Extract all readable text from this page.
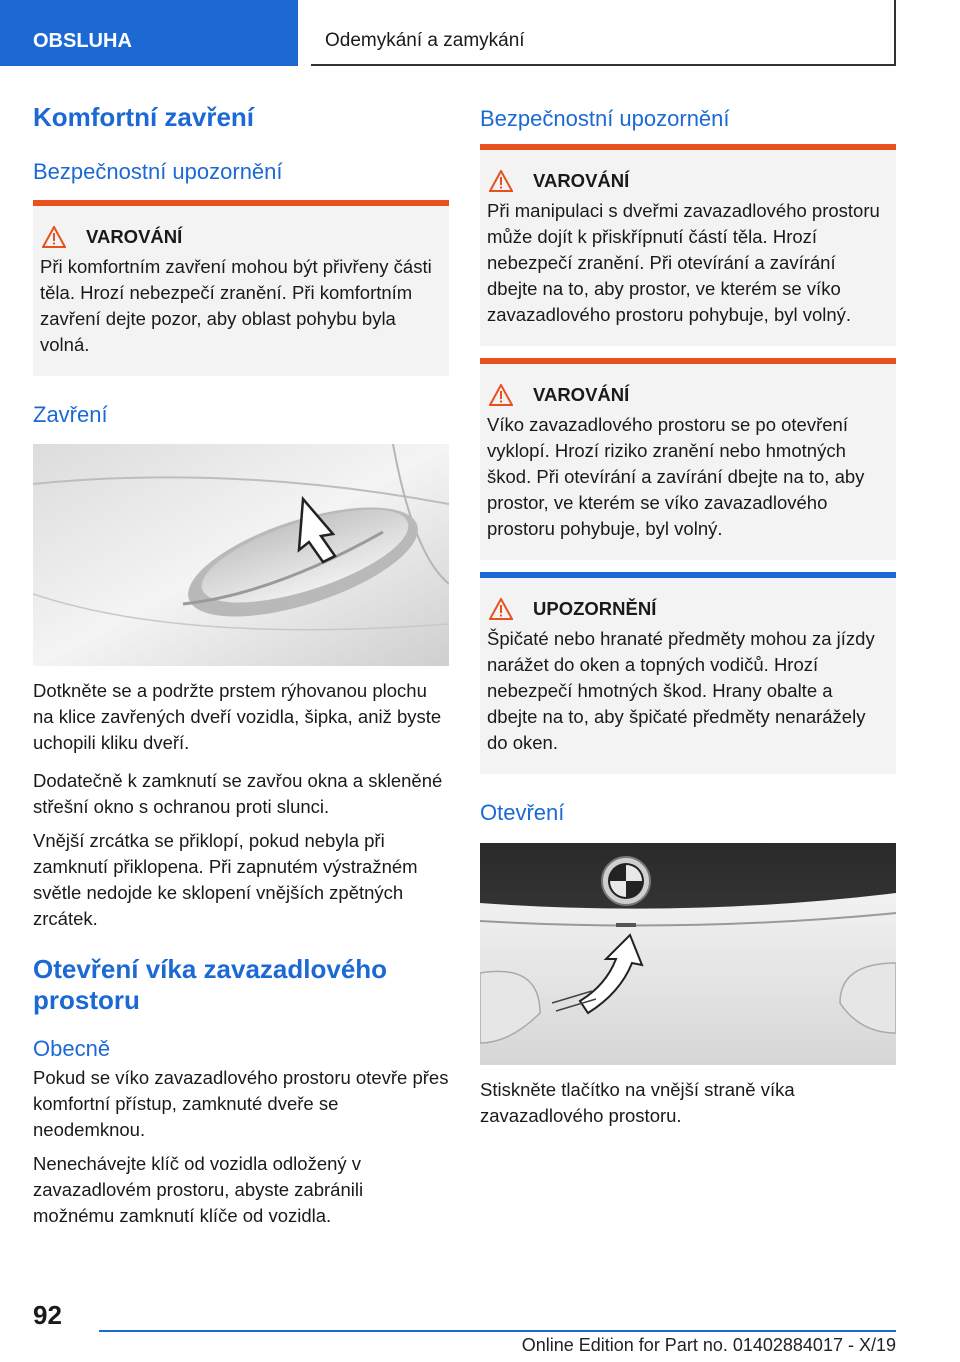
OBSLUHA	Odemykání a zamykání
Komfortní zavření
Bezpečnostní upozornění
VAROVÁNÍ

Při komfortním zavření mohou být přivřeny části těla. Hrozí nebezpečí zranění. Při komfortním zavření dejte pozor, aby oblast pohybu byla volná.

Zavření

Dotkněte se a podržte prstem rýhovanou plochu na klice zavřených dveří vozidla, šipka, aniž byste uchopili kliku dveří.

Dodatečně k zamknutí se zavřou okna a skleněné střešní okno s ochranou proti slunci.

Vnější zrcátka se přiklopí, pokud nebyla při zamknutí přiklopena. Při zapnutém výstražném světle nedojde ke sklopení vnějších zpětných zrcátek.

Otevření víka zavazadlového prostoru
Obecně

Pokud se víko zavazadlového prostoru otevře přes komfortní přístup, zamknuté dveře se neodemknou.

Nenechávejte klíč od vozidla odložený v zavazadlovém prostoru, abyste zabránili možnému zamknutí klíče od vozidla.

Bezpečnostní upozornění
VAROVÁNÍ

Při manipulaci s dveřmi zavazadlového prostoru může dojít k přiskřípnutí částí těla. Hrozí nebezpečí zranění. Při otevírání a zavírání dbejte na to, aby prostor, ve kterém se víko zavazadlového prostoru pohybuje, byl volný.

VAROVÁNÍ

Víko zavazadlového prostoru se po otevření vyklopí. Hrozí riziko zranění nebo hmotných škod. Při otevírání a zavírání dbejte na to, aby prostor, ve kterém se víko zavazadlového prostoru pohybuje, byl volný.

UPOZORNĚNÍ

Špičaté nebo hranaté předměty mohou za jízdy narážet do oken a topných vodičů. Hrozí nebezpečí hmotných škod. Hrany obalte a dbejte na to, aby špičaté předměty nenarážely do oken.

Otevření

Stiskněte tlačítko na vnější straně víka zavazadlového prostoru.

92
Online Edition for Part no. 01402884017 - X/19
